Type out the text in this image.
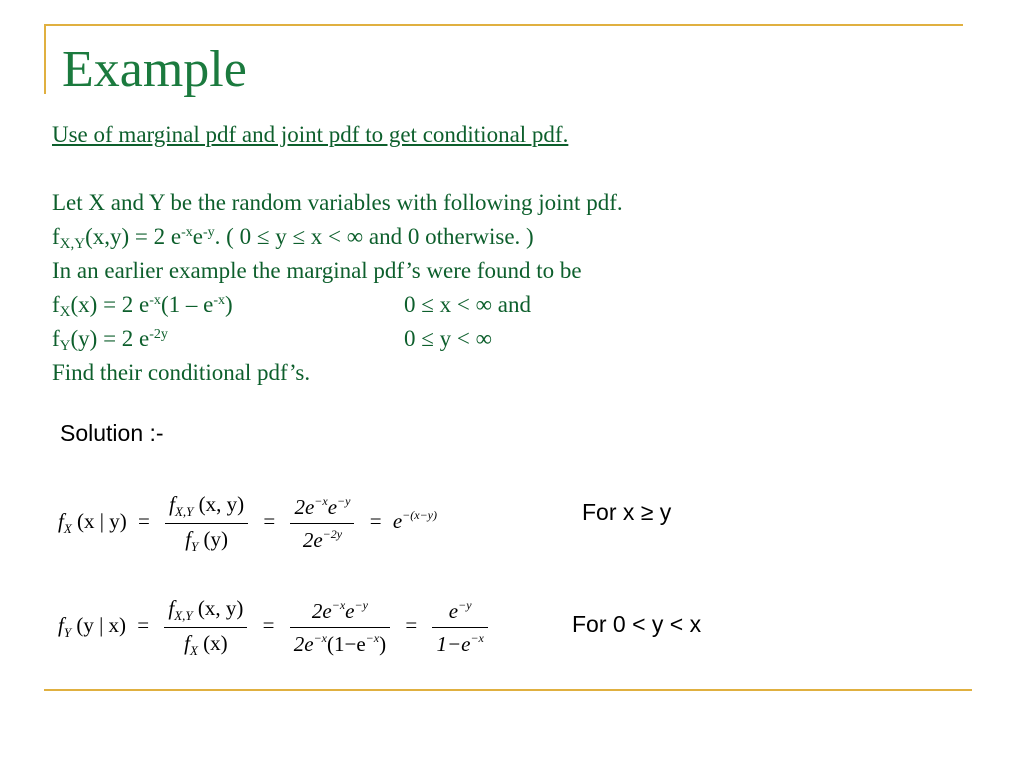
Example
Use of marginal pdf and joint pdf to get conditional pdf.
Let X and Y be the random variables with following joint pdf.
$f_{X,Y}(x,y) = 2$ $e^{-x}e^{-y}$. ( 0 ≤ y ≤ x < ∞ and 0 otherwise. )
In an earlier example the marginal pdf’s were found to be
$f_X(x) = 2$ $e^{-x}(1 - e^{-x})$	0 ≤ x < ∞ and
$f_Y(y) = 2$ $e^{-2y}$	0 ≤ y < ∞
Find their conditional pdf’s.
Solution :-
$f_X$ (x | $y) = \frac{f_{X,Y} (x, y)}{f_Y (y)} = \frac{2e^{-x}e^{-y}}{2e^{-2y}} = e^{-(x-y)}$	For x ≥ y
$f_Y$ (y | $x) = \frac{f_{X,Y} (x, y)}{f_X (x)} = \frac{2e^{-x}e^{-y}}{2e^{-x}(1-e^{-x})} = \frac{e^{-y}}{1-e^{-x}}$	For 0 < y < x
